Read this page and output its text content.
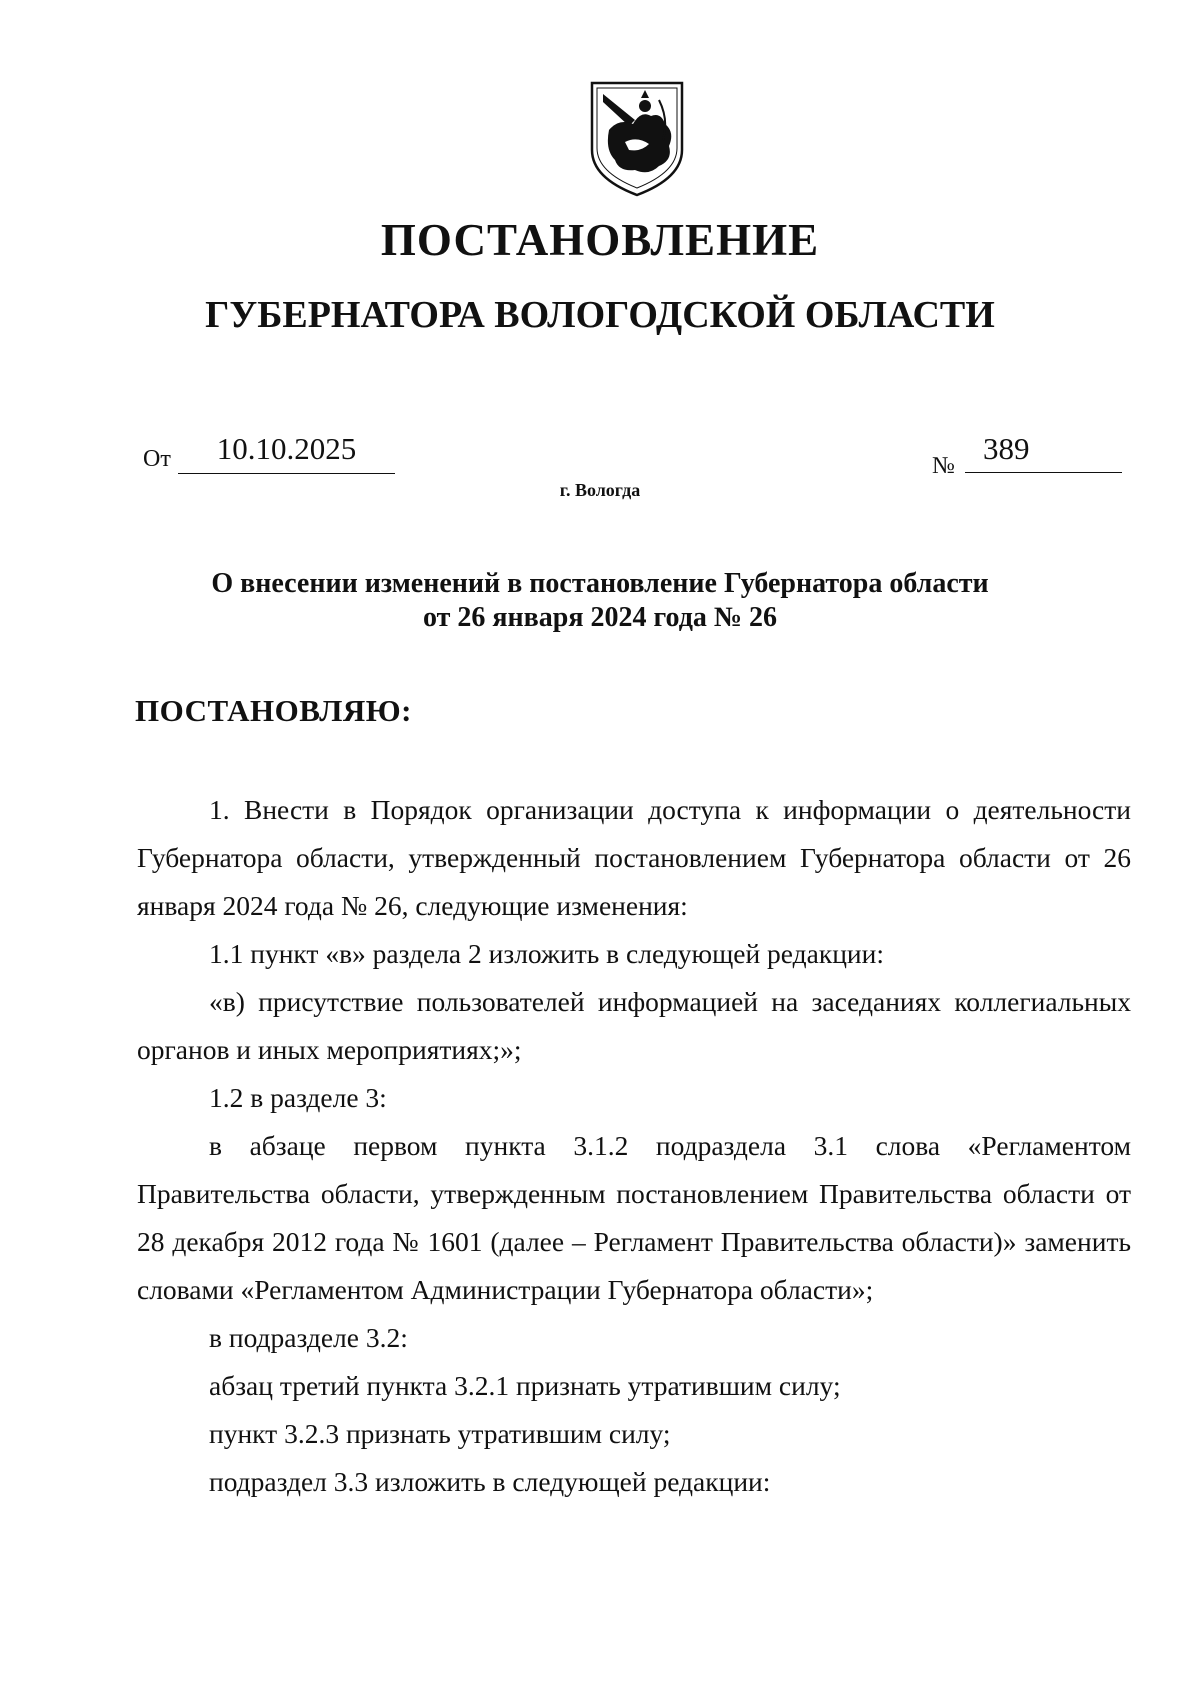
ПОСТАНОВЛЕНИЕ
ГУБЕРНАТОРА ВОЛОГОДСКОЙ ОБЛАСТИ
От	10.10.2025	№ 389
г. Вологда
О внесении изменений в постановление Губернатора области
от 26 января 2024 года № 26
ПОСТАНОВЛЯЮ:

1. Внести в Порядок организации доступа к информации о деятельности Губернатора области, утвержденный постановлением Губернатора области от 26 января 2024 года № 26, следующие изменения:

1.1 пункт «в» раздела 2 изложить в следующей редакции:

«в) присутствие пользователей информацией на заседаниях коллегиальных органов и иных мероприятиях;»;

1.2 в разделе 3:

в абзаце первом пункта 3.1.2 подраздела 3.1 слова «Регламентом Правительства области, утвержденным постановлением Правительства области от 28 декабря 2012 года № 1601 (далее – Регламент Правительства области)» заменить словами «Регламентом Администрации Губернатора области»;

в подразделе 3.2:

абзац третий пункта 3.2.1 признать утратившим силу;

пункт 3.2.3 признать утратившим силу;

подраздел 3.3 изложить в следующей редакции:
